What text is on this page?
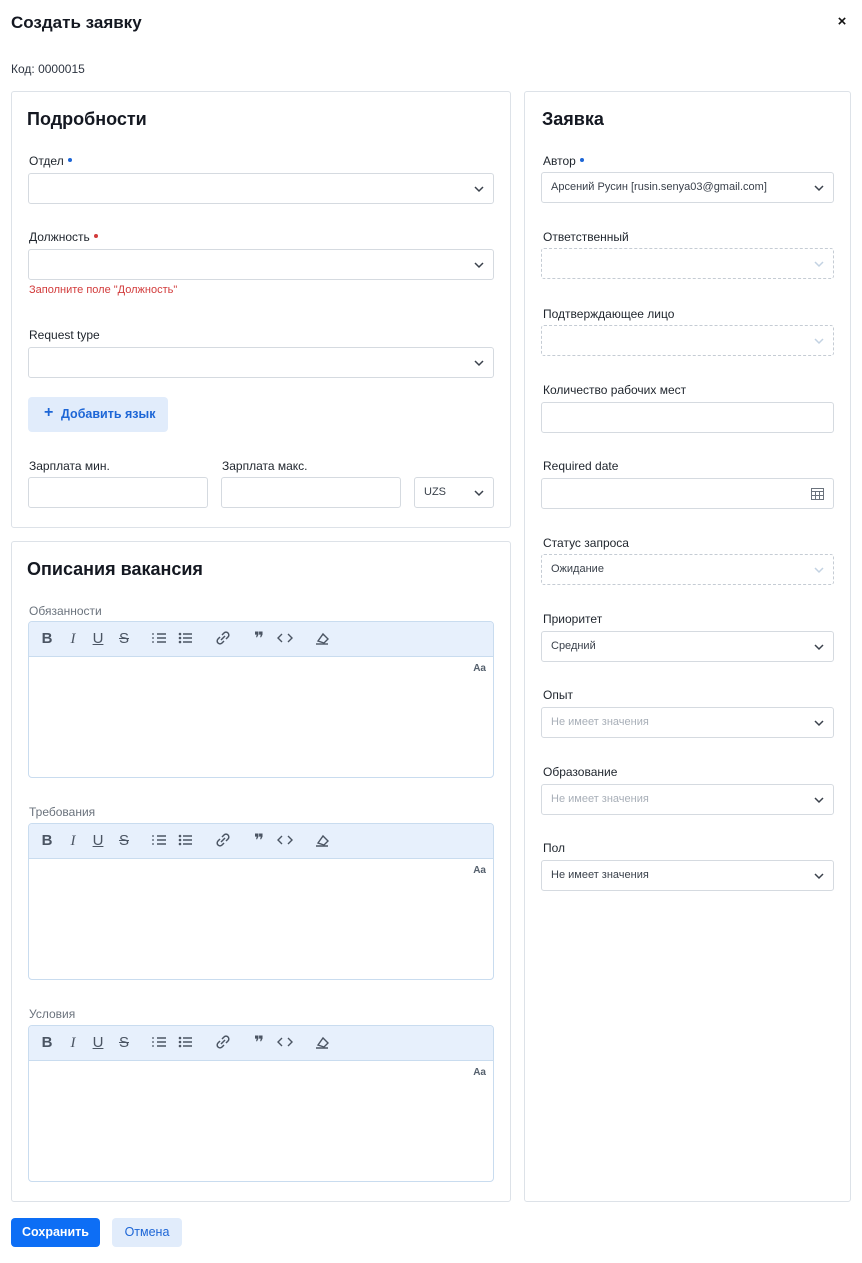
Создать заявку	×
Код: 0000015
Подробности
Отдел
Должность
Заполните поле "Должность"
Request type
+ Добавить язык
Зарплата мин.	Зарплата макс.
UZS
Описания вакансия
Обязанности
B	I	U S	❞
Aa
Требования
B	I	U S	❞
Aa
Условия
B	I	U S	❞
Aa
Заявка
Автор
Арсений Русин [rusin.senya03@gmail.com]
Ответственный
Подтверждающее лицо
Количество рабочих мест
Required date
Статус запроса
Ожидание
Приоритет
Средний
Опыт
Не имеет значения
Образование
Не имеет значения
Пол
Не имеет значения
Сохранить	Отмена
